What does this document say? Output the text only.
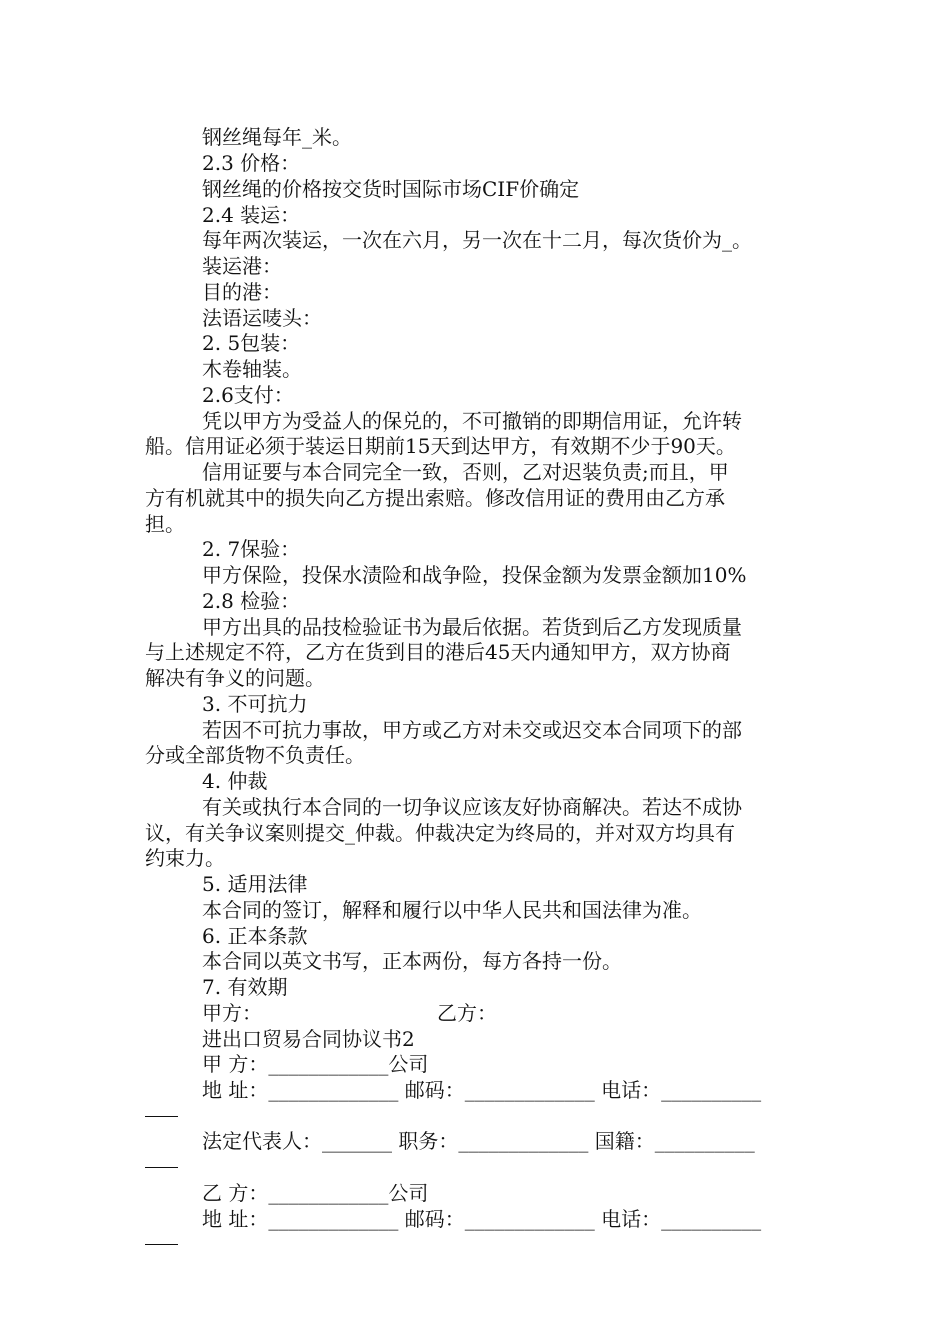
钢丝绳每年_米。
2.3 价格：
钢丝绳的价格按交货时国际市场CIF价确定
2.4 装运：
每年两次装运，一次在六月，另一次在十二月，每次货价为_。
装运港：
目的港：
法语运唛头：
2. 5包装：
木卷轴装。
2.6支付：
凭以甲方为受益人的保兑的，不可撤销的即期信用证，允许转
船。信用证必须于装运日期前15天到达甲方，有效期不少于90天。
信用证要与本合同完全一致，否则，乙对迟装负责;而且，甲
方有机就其中的损失向乙方提出索赔。修改信用证的费用由乙方承
担。
2. 7保验：
甲方保险，投保水渍险和战争险，投保金额为发票金额加10%
2.8 检验：
甲方出具的品技检验证书为最后依据。若货到后乙方发现质量
与上述规定不符，乙方在货到目的港后45天内通知甲方，双方协商
解决有争义的问题。
3. 不可抗力
若因不可抗力事故，甲方或乙方对未交或迟交本合同项下的部
分或全部货物不负责任。
4. 仲裁
有关或执行本合同的一切争议应该友好协商解决。若达不成协
议，有关争议案则提交_仲裁。仲裁决定为终局的，并对双方均具有
约束力。
5. 适用法律
本合同的签订，解释和履行以中华人民共和国法律为准。
6. 正本条款
本合同以英文书写，正本两份，每方各持一份。
7. 有效期
甲方：	乙方：
进出口贸易合同协议书2
甲 方：____________公司
地 址：_____________ 邮码：_____________ 电话：__________
法定代表人：_______ 职务：_____________ 国籍：__________
乙 方：____________公司
地 址：_____________ 邮码：_____________ 电话：__________
